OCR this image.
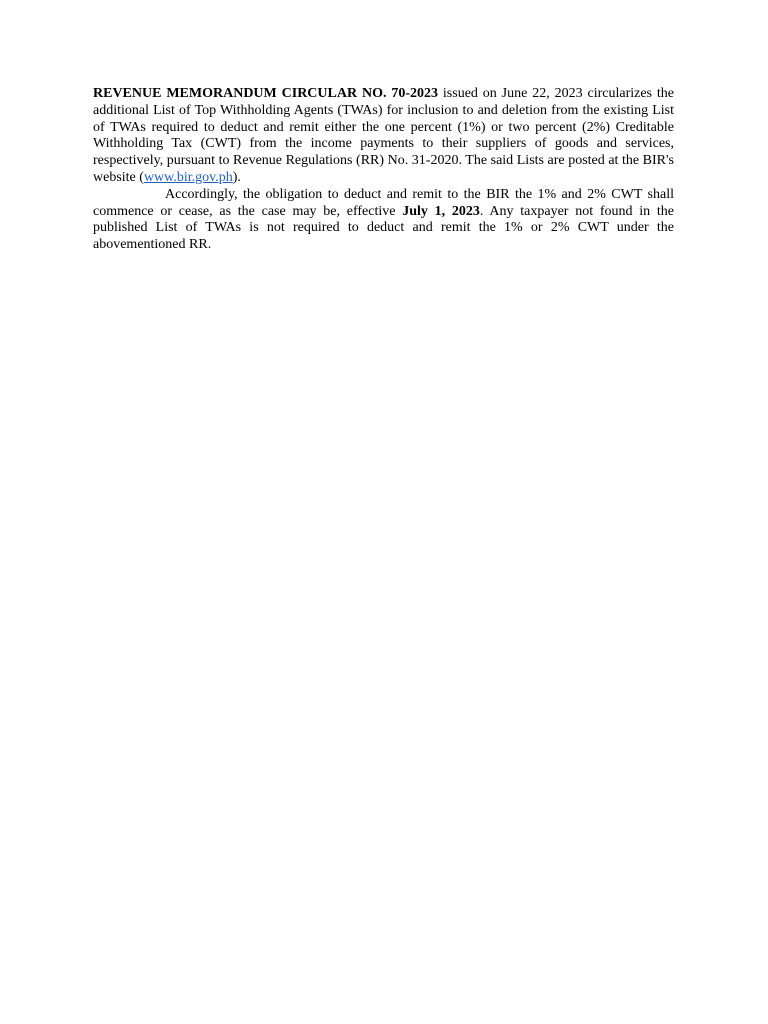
REVENUE MEMORANDUM CIRCULAR NO. 70-2023 issued on June 22, 2023 circularizes the additional List of Top Withholding Agents (TWAs) for inclusion to and deletion from the existing List of TWAs required to deduct and remit either the one percent (1%) or two percent (2%) Creditable Withholding Tax (CWT) from the income payments to their suppliers of goods and services, respectively, pursuant to Revenue Regulations (RR) No. 31-2020. The said Lists are posted at the BIR's website (www.bir.gov.ph).

Accordingly, the obligation to deduct and remit to the BIR the 1% and 2% CWT shall commence or cease, as the case may be, effective July 1, 2023. Any taxpayer not found in the published List of TWAs is not required to deduct and remit the 1% or 2% CWT under the abovementioned RR.
